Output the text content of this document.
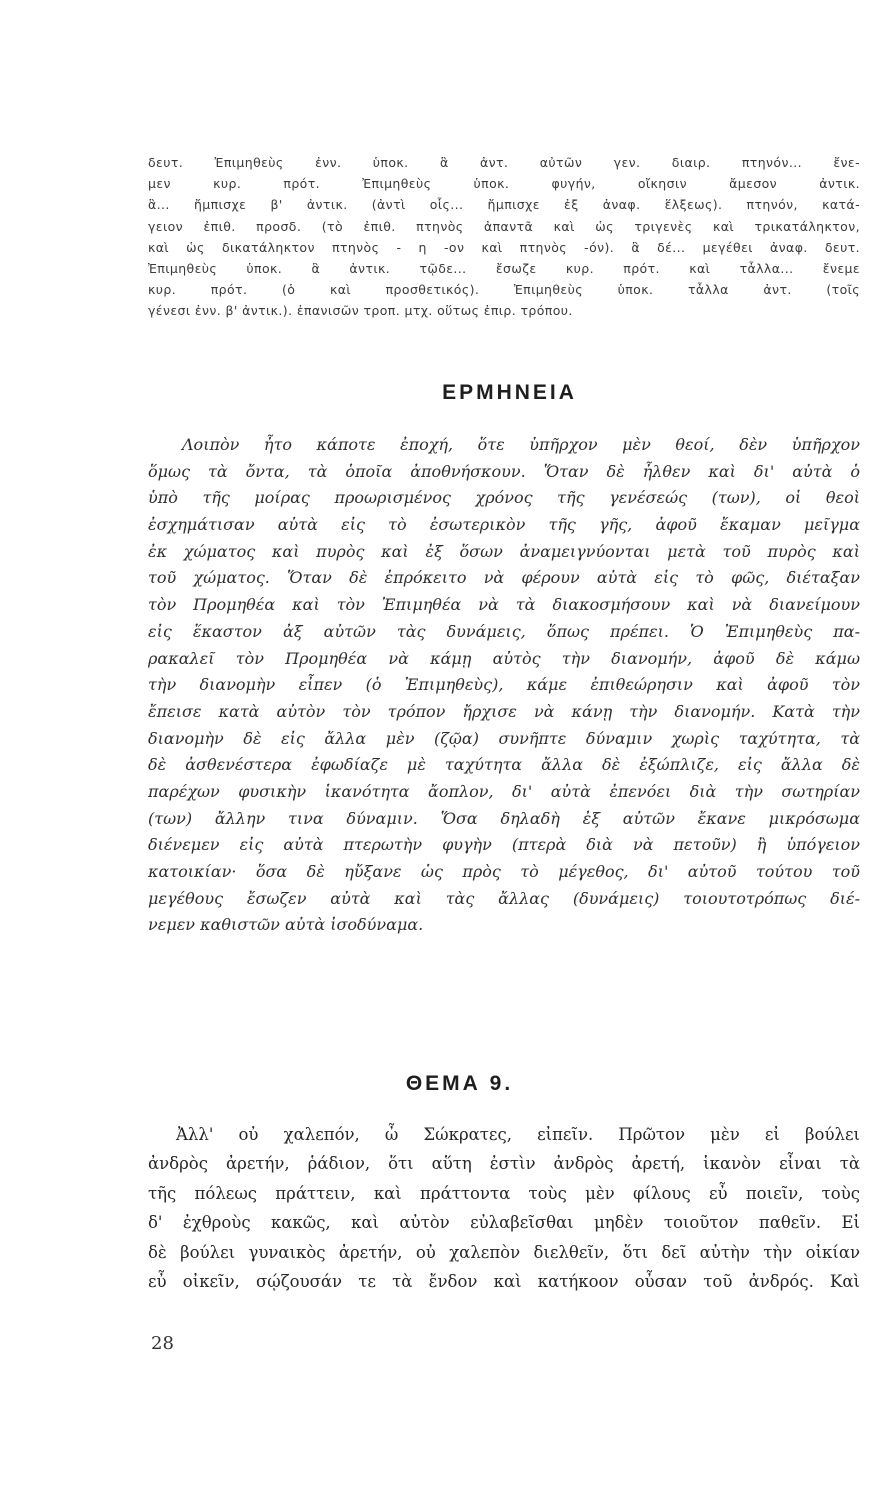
δευτ. Ἐπιμηθεὺς ἐνν. ὑποκ. ἃ ἀντ. αὐτῶν γεν. διαιρ. πτηνόν... ἔνε-
μεν κυρ. πρότ. Ἐπιμηθεὺς ὑποκ. φυγήν, οἴκησιν ἄμεσον ἀντικ.
ἃ... ἤμπισχε β' ἀντικ. (ἀντὶ οἷς... ἤμπισχε ἐξ ἀναφ. ἕλξεως). πτηνόν, κατά-
γειον ἐπιθ. προσδ. (τὸ ἐπιθ. πτηνὸς ἀπαντᾶ καὶ ὡς τριγενὲς καὶ τρικατάληκτον,
καὶ ὡς δικατάληκτον πτηνὸς - η -ον καὶ πτηνὸς -όν). ἃ δέ... μεγέθει ἀναφ. δευτ.
Ἐπιμηθεὺς ὑποκ. ἃ ἀντικ. τῷδε... ἔσωζε κυρ. πρότ. καὶ τἆλλα... ἔνεμε
κυρ. πρότ. (ὁ καὶ προσθετικός). Ἐπιμηθεὺς ὑποκ. τἆλλα ἀντ. (τοῖς
γένεσι ἐνν. β' ἀντικ.). ἐπανισῶν τροπ. μτχ. οὕτως ἐπιρ. τρόπου.
ΕΡΜΗΝΕΙΑ
Λοιπὸν ἦτο κάποτε ἐποχή, ὅτε ὑπῆρχον μὲν θεοί, δὲν ὑπῆρχον
ὅμως τὰ ὄντα, τὰ ὁποῖα ἀποθνήσκουν. Ὅταν δὲ ἦλθεν καὶ δι' αὐτὰ ὁ
ὑπὸ τῆς μοίρας προωρισμένος χρόνος τῆς γενέσεώς (των), οἱ θεοὶ
ἐσχημάτισαν αὐτὰ εἰς τὸ ἐσωτερικὸν τῆς γῆς, ἀφοῦ ἔκαμαν μεῖγμα
ἐκ χώματος καὶ πυρὸς καὶ ἐξ ὅσων ἀναμειγνύονται μετὰ τοῦ πυρὸς καὶ
τοῦ χώματος. Ὅταν δὲ ἐπρόκειτο νὰ φέρουν αὐτὰ εἰς τὸ φῶς, διέταξαν
τὸν Προμηθέα καὶ τὸν Ἐπιμηθέα νὰ τὰ διακοσμήσουν καὶ νὰ διανείμουν
εἰς ἕκαστον ἀξ αὐτῶν τὰς δυνάμεις, ὅπως πρέπει. Ὁ Ἐπιμηθεὺς πα-
ρακαλεῖ τὸν Προμηθέα νὰ κάμῃ αὐτὸς τὴν διανομήν, ἀφοῦ δὲ κάμω
τὴν διανομὴν εἶπεν (ὁ Ἐπιμηθεὺς), κάμε ἐπιθεώρησιν καὶ ἀφοῦ τὸν
ἔπεισε κατὰ αὐτὸν τὸν τρόπον ἤρχισε νὰ κάνῃ τὴν διανομήν. Κατὰ τὴν
διανομὴν δὲ εἰς ἄλλα μὲν (ζῷα) συνῆπτε δύναμιν χωρὶς ταχύτητα, τὰ
δὲ ἀσθενέστερα ἐφωδίαζε μὲ ταχύτητα ἄλλα δὲ ἐξώπλιζε, εἰς ἄλλα δὲ
παρέχων φυσικὴν ἱκανότητα ἄοπλον, δι' αὐτὰ ἐπενόει διὰ τὴν σωτηρίαν
(των) ἄλλην τινα δύναμιν. Ὅσα δηλαδὴ ἐξ αὐτῶν ἔκανε μικρόσωμα
διένεμεν εἰς αὐτὰ πτερωτὴν φυγὴν (πτερὰ διὰ νὰ πετοῦν) ἢ ὑπόγειον
κατοικίαν· ὅσα δὲ ηὔξανε ὡς πρὸς τὸ μέγεθος, δι' αὐτοῦ τούτου τοῦ
μεγέθους ἔσωζεν αὐτὰ καὶ τὰς ἄλλας (δυνάμεις) τοιουτοτρόπως διέ-
νεμεν καθιστῶν αὐτὰ ἰσοδύναμα.
ΘΕΜΑ 9.
Ἀλλ' οὐ χαλεπόν, ὦ Σώκρατες, εἰπεῖν. Πρῶτον μὲν εἰ βούλει
ἀνδρὸς ἀρετήν, ῥάδιον, ὅτι αὕτη ἐστὶν ἀνδρὸς ἀρετή, ἱκανὸν εἶναι τὰ
τῆς πόλεως πράττειν, καὶ πράττοντα τοὺς μὲν φίλους εὖ ποιεῖν, τοὺς
δ' ἐχθροὺς κακῶς, καὶ αὐτὸν εὐλαβεῖσθαι μηδὲν τοιοῦτον παθεῖν. Εἰ
δὲ βούλει γυναικὸς ἀρετήν, οὐ χαλεπὸν διελθεῖν, ὅτι δεῖ αὐτὴν τὴν οἰκίαν
εὖ οἰκεῖν, σῴζουσάν τε τὰ ἔνδον καὶ κατήκοον οὖσαν τοῦ ἀνδρός. Καὶ
28
